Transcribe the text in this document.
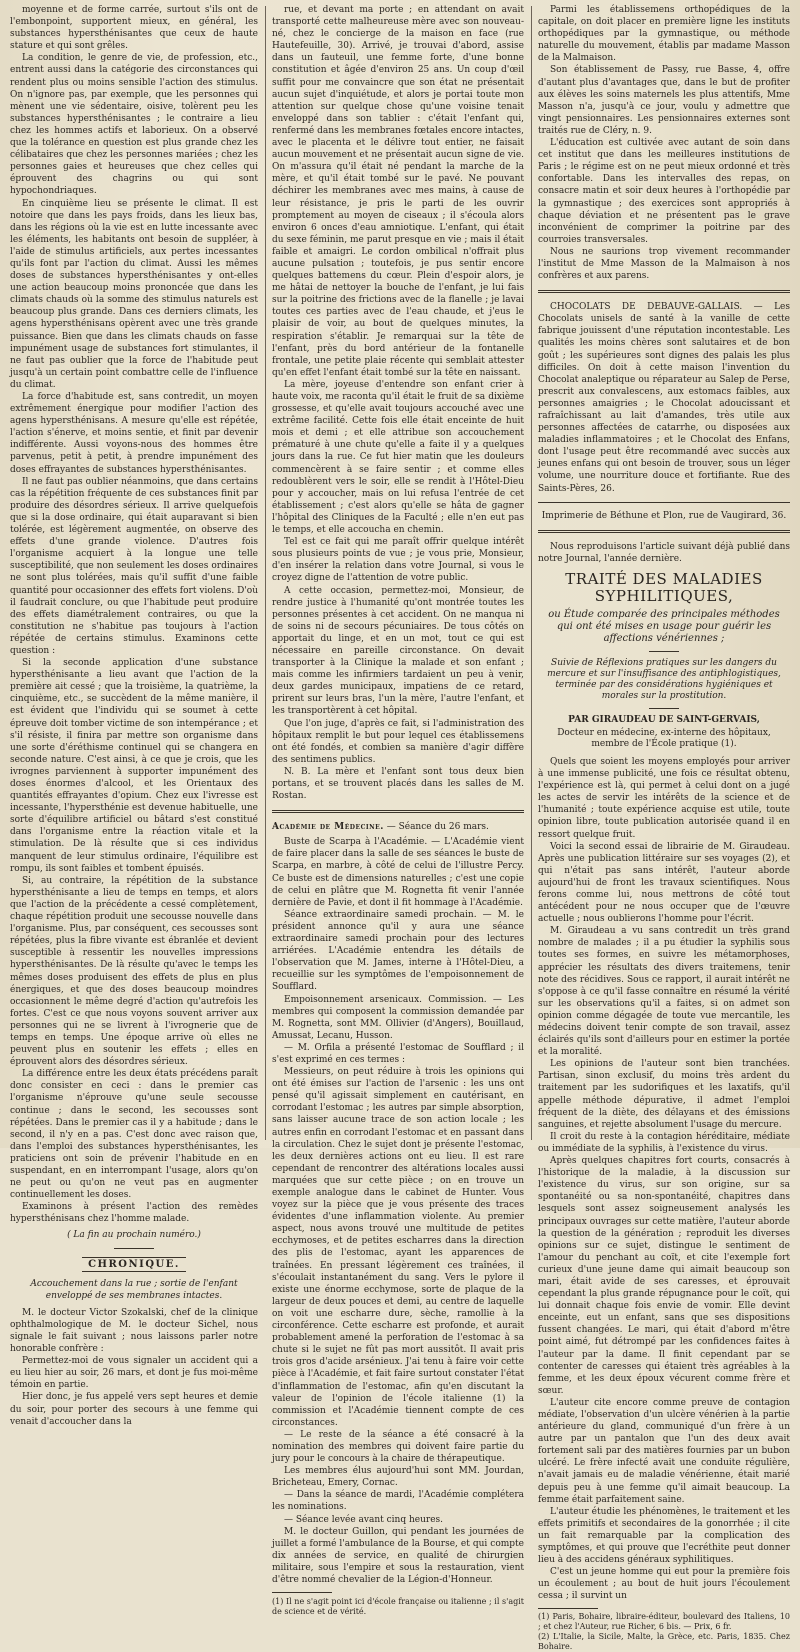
moyenne et de forme carrée, surtout s'ils ont de l'embonpoint, supportent mieux, en général, les substances hypersthénisantes que ceux de haute stature et qui sont grêles.

La condition, le genre de vie, de profession, etc., entrent aussi dans la catégorie des circonstances qui rendent plus ou moins sensible l'action des stimulus. On n'ignore pas, par exemple, que les personnes qui mènent une vie sédentaire, oisive, tolèrent peu les substances hypersthénisantes ; le contraire a lieu chez les hommes actifs et laborieux. On a observé que la tolérance en question est plus grande chez les célibataires que chez les personnes mariées ; chez les personnes gaies et heureuses que chez celles qui éprouvent des chagrins ou qui sont hypochondriaques.

En cinquième lieu se présente le climat. Il est notoire que dans les pays froids, dans les lieux bas, dans les régions où la vie est en lutte incessante avec les éléments, les habitants ont besoin de suppléer, à l'aide de stimulus artificiels, aux pertes incessantes qu'ils font par l'action du climat. Aussi les mêmes doses de substances hypersthénisantes y ont-elles une action beaucoup moins prononcée que dans les climats chauds où la somme des stimulus naturels est beaucoup plus grande. Dans ces derniers climats, les agens hypersthénisans opèrent avec une très grande puissance. Bien que dans les climats chauds on fasse impunément usage de substances fort stimulantes, il ne faut pas oublier que la force de l'habitude peut jusqu'à un certain point combattre celle de l'influence du climat.

La force d'habitude est, sans contredit, un moyen extrêmement énergique pour modifier l'action des agens hypersthénisans. A mesure qu'elle est répétée, l'action s'énerve, et moins sentie, et finit par devenir indifférente. Aussi voyons-nous des hommes être parvenus, petit à petit, à prendre impunément des doses effrayantes de substances hypersthénisantes.

Il ne faut pas oublier néanmoins, que dans certains cas la répétition fréquente de ces substances finit par produire des désordres sérieux. Il arrive quelquefois que si la dose ordinaire, qui était auparavant si bien tolérée, est légèrement augmentée, on observe des effets d'une grande violence. D'autres fois l'organisme acquiert à la longue une telle susceptibilité, que non seulement les doses ordinaires ne sont plus tolérées, mais qu'il suffit d'une faible quantité pour occasionner des effets fort violens. D'où il faudrait conclure, ou que l'habitude peut produire des effets diamétralement contraires, ou que la constitution ne s'habitue pas toujours à l'action répétée de certains stimulus. Examinons cette question :

Si la seconde application d'une substance hypersthénisante a lieu avant que l'action de la première ait cessé ; que la troisième, la quatrième, la cinquième, etc., se succèdent de la même manière, il est évident que l'individu qui se soumet à cette épreuve doit tomber victime de son intempérance ; et s'il résiste, il finira par mettre son organisme dans une sorte d'éréthisme continuel qui se changera en seconde nature. C'est ainsi, à ce que je crois, que les ivrognes parviennent à supporter impunément des doses énormes d'alcool, et les Orientaux des quantités effrayantes d'opium. Chez eux l'ivresse est incessante, l'hypersthénie est devenue habituelle, une sorte d'équilibre artificiel ou bâtard s'est constitué dans l'organisme entre la réaction vitale et la stimulation. De là résulte que si ces individus manquent de leur stimulus ordinaire, l'équilibre est rompu, ils sont faibles et tombent épuisés.

Si, au contraire, la répétition de la substance hypersthénisante a lieu de temps en temps, et alors que l'action de la précédente a cessé complètement, chaque répétition produit une secousse nouvelle dans l'organisme. Plus, par conséquent, ces secousses sont répétées, plus la fibre vivante est ébranlée et devient susceptible à ressentir les nouvelles impressions hypersthénisantes. De là résulte qu'avec le temps les mêmes doses produisent des effets de plus en plus énergiques, et que des doses beaucoup moindres occasionnent le même degré d'action qu'autrefois les fortes. C'est ce que nous voyons souvent arriver aux personnes qui ne se livrent à l'ivrognerie que de temps en temps. Une époque arrive où elles ne peuvent plus en soutenir les effets ; elles en éprouvent alors des désordres sérieux.

La différence entre les deux états précédens paraît donc consister en ceci : dans le premier cas l'organisme n'éprouve qu'une seule secousse continue ; dans le second, les secousses sont répétées. Dans le premier cas il y a habitude ; dans le second, il n'y en a pas. C'est donc avec raison que, dans l'emploi des substances hypersthénisantes, les praticiens ont soin de prévenir l'habitude en en suspendant, en en interrompant l'usage, alors qu'on ne peut ou qu'on ne veut pas en augmenter continuellement les doses.

Examinons à présent l'action des remèdes hypersthénisans chez l'homme malade.

( La fin au prochain numéro.)

CHRONIQUE.

Accouchement dans la rue ; sortie de l'enfant enveloppé de ses membranes intactes.

M. le docteur Victor Szokalski, chef de la clinique ophthalmologique de M. le docteur Sichel, nous signale le fait suivant ; nous laissons parler notre honorable confrère :

Permettez-moi de vous signaler un accident qui a eu lieu hier au soir, 26 mars, et dont je fus moi-même témoin en partie.

Hier donc, je fus appelé vers sept heures et demie du soir, pour porter des secours à une femme qui venait d'accoucher dans la

rue, et devant ma porte ; en attendant on avait transporté cette malheureuse mère avec son nouveau-né, chez le concierge de la maison en face (rue Hautefeuille, 30). Arrivé, je trouvai d'abord, assise dans un fauteuil, une femme forte, d'une bonne constitution et âgée d'environ 25 ans. Un coup d'œil suffit pour me convaincre que son état ne présentait aucun sujet d'inquiétude, et alors je portai toute mon attention sur quelque chose qu'une voisine tenait enveloppé dans son tablier : c'était l'enfant qui, renfermé dans les membranes fœtales encore intactes, avec le placenta et le délivre tout entier, ne faisait aucun mouvement et ne présentait aucun signe de vie. On m'assura qu'il était né pendant la marche de la mère, et qu'il était tombé sur le pavé. Ne pouvant déchirer les membranes avec mes mains, à cause de leur résistance, je pris le parti de les ouvrir promptement au moyen de ciseaux ; il s'écoula alors environ 6 onces d'eau amniotique. L'enfant, qui était du sexe féminin, me parut presque en vie ; mais il était faible et amaigri. Le cordon ombilical n'offrait plus aucune pulsation ; toutefois, je pus sentir encore quelques battemens du cœur. Plein d'espoir alors, je me hâtai de nettoyer la bouche de l'enfant, je lui fais sur la poitrine des frictions avec de la flanelle ; je lavai toutes ces parties avec de l'eau chaude, et j'eus le plaisir de voir, au bout de quelques minutes, la respiration s'établir. Je remarquai sur la tête de l'enfant, près du bord antérieur de la fontanelle frontale, une petite plaie récente qui semblait attester qu'en effet l'enfant était tombé sur la tête en naissant.

La mère, joyeuse d'entendre son enfant crier à haute voix, me raconta qu'il était le fruit de sa dixième grossesse, et qu'elle avait toujours accouché avec une extrême facilité. Cette fois elle était enceinte de huit mois et demi ; et elle attribue son accouchement prématuré à une chute qu'elle a faite il y a quelques jours dans la rue. Ce fut hier matin que les douleurs commencèrent à se faire sentir ; et comme elles redoublèrent vers le soir, elle se rendit à l'Hôtel-Dieu pour y accoucher, mais on lui refusa l'entrée de cet établissement ; c'est alors qu'elle se hâta de gagner l'hôpital des Cliniques de la Faculté ; elle n'en eut pas le temps, et elle accoucha en chemin.

Tel est ce fait qui me paraît offrir quelque intérêt sous plusieurs points de vue ; je vous prie, Monsieur, d'en insérer la relation dans votre Journal, si vous le croyez digne de l'attention de votre public.

A cette occasion, permettez-moi, Monsieur, de rendre justice à l'humanité qu'ont montrée toutes les personnes présentes à cet accident. On ne manqua ni de soins ni de secours pécuniaires. De tous côtés on apportait du linge, et en un mot, tout ce qui est nécessaire en pareille circonstance. On devait transporter à la Clinique la malade et son enfant ; mais comme les infirmiers tardaient un peu à venir, deux gardes municipaux, impatiens de ce retard, prirent sur leurs bras, l'un la mère, l'autre l'enfant, et les transportèrent à cet hôpital.

Que l'on juge, d'après ce fait, si l'administration des hôpitaux remplit le but pour lequel ces établissemens ont été fondés, et combien sa manière d'agir diffère des sentimens publics.

N. B. La mère et l'enfant sont tous deux bien portans, et se trouvent placés dans les salles de M. Rostan.

Académie de Médecine. — Séance du 26 mars.

Buste de Scarpa à l'Académie. — L'Académie vient de faire placer dans la salle de ses séances le buste de Scarpa, en marbre, à côté de celui de l'illustre Percy. Ce buste est de dimensions naturelles ; c'est une copie de celui en plâtre que M. Rognetta fit venir l'année dernière de Pavie, et dont il fit hommage à l'Académie.

Séance extraordinaire samedi prochain. — M. le président annonce qu'il y aura une séance extraordinaire samedi prochain pour des lectures arriérées. L'Académie entendra les détails de l'observation que M. James, interne à l'Hôtel-Dieu, a recueillie sur les symptômes de l'empoisonnement de Soufflard.

Empoisonnement arsenicaux. Commission. — Les membres qui composent la commission demandée par M. Rognetta, sont MM. Ollivier (d'Angers), Bouillaud, Amussat, Lecanu, Husson.

— M. Orfila a présenté l'estomac de Soufflard ; il s'est exprimé en ces termes :

Messieurs, on peut réduire à trois les opinions qui ont été émises sur l'action de l'arsenic : les uns ont pensé qu'il agissait simplement en cautérisant, en corrodant l'estomac ; les autres par simple absorption, sans laisser aucune trace de son action locale ; les autres enfin en corrodant l'estomac et en passant dans la circulation. Chez le sujet dont je présente l'estomac, les deux dernières actions ont eu lieu. Il est rare cependant de rencontrer des altérations locales aussi marquées que sur cette pièce ; on en trouve un exemple analogue dans le cabinet de Hunter. Vous voyez sur la pièce que je vous présente des traces évidentes d'une inflammation violente. Au premier aspect, nous avons trouvé une multitude de petites ecchymoses, et de petites escharres dans la direction des plis de l'estomac, ayant les apparences de traînées. En pressant légèrement ces traînées, il s'écoulait instantanément du sang. Vers le pylore il existe une énorme ecchymose, sorte de plaque de la largeur de deux pouces et demi, au centre de laquelle on voit une escharre dure, sèche, ramollie à la circonférence. Cette escharre est profonde, et aurait probablement amené la perforation de l'estomac à sa chute si le sujet ne fût pas mort aussitôt. Il avait pris trois gros d'acide arsénieux. J'ai tenu à faire voir cette pièce à l'Académie, et fait faire surtout constater l'état d'inflammation de l'estomac, afin qu'en discutant la valeur de l'opinion de l'école italienne (1) la commission et l'Académie tiennent compte de ces circonstances.

— Le reste de la séance a été consacré à la nomination des membres qui doivent faire partie du jury pour le concours à la chaire de thérapeutique.

Les membres élus aujourd'hui sont MM. Jourdan, Bricheteau, Emery, Cornac.

— Dans la séance de mardi, l'Académie complétera les nominations.

— Séance levée avant cinq heures.

M. le docteur Guillon, qui pendant les journées de juillet a formé l'ambulance de la Bourse, et qui compte dix années de service, en qualité de chirurgien militaire, sous l'empire et sous la restauration, vient d'être nommé chevalier de la Légion-d'Honneur.

(1) Il ne s'agit point ici d'école française ou italienne ; il s'agit de science et de vérité.

Parmi les établissemens orthopédiques de la capitale, on doit placer en première ligne les instituts orthopédiques par la gymnastique, ou méthode naturelle du mouvement, établis par madame Masson de la Malmaison.

Son établissement de Passy, rue Basse, 4, offre d'autant plus d'avantages que, dans le but de profiter aux élèves les soins maternels les plus attentifs, Mme Masson n'a, jusqu'à ce jour, voulu y admettre que vingt pensionnaires. Les pensionnaires externes sont traités rue de Cléry, n. 9.

L'éducation est cultivée avec autant de soin dans cet institut que dans les meilleures institutions de Paris ; le régime est on ne peut mieux ordonné et très confortable. Dans les intervalles des repas, on consacre matin et soir deux heures à l'orthopédie par la gymnastique ; des exercices sont appropriés à chaque déviation et ne présentent pas le grave inconvénient de comprimer la poitrine par des courroies transversales.

Nous ne saurions trop vivement recommander l'institut de Mme Masson de la Malmaison à nos confrères et aux parens.

CHOCOLATS DE DEBAUVE-GALLAIS. — Les Chocolats unisels de santé à la vanille de cette fabrique jouissent d'une réputation incontestable. Les qualités les moins chères sont salutaires et de bon goût ; les supérieures sont dignes des palais les plus difficiles. On doit à cette maison l'invention du Chocolat analeptique ou réparateur au Salep de Perse, prescrit aux convalescens, aux estomacs faibles, aux personnes amaigries ; le Chocolat adoucissant et rafraîchissant au lait d'amandes, très utile aux personnes affectées de catarrhe, ou disposées aux maladies inflammatoires ; et le Chocolat des Enfans, dont l'usage peut être recommandé avec succès aux jeunes enfans qui ont besoin de trouver, sous un léger volume, une nourriture douce et fortifiante. Rue des Saints-Pères, 26.

Imprimerie de Béthune et Plon, rue de Vaugirard, 36.

Nous reproduisons l'article suivant déjà publié dans notre Journal, l'année dernière.

TRAITÉ DES MALADIES SYPHILITIQUES,

ou Étude comparée des principales méthodes qui ont été mises en usage pour guérir les affections vénériennes ;

Suivie de Réflexions pratiques sur les dangers du mercure et sur l'insuffisance des antiphlogistiques, terminée par des considérations hygiéniques et morales sur la prostitution.

PAR GIRAUDEAU DE SAINT-GERVAIS,
Docteur en médecine, ex-interne des hôpitaux, membre de l'École pratique (1).

Quels que soient les moyens employés pour arriver à une immense publicité, une fois ce résultat obtenu, l'expérience est là, qui permet à celui dont on a jugé les actes de servir les intérêts de la science et de l'humanité ; toute expérience acquise est utile, toute opinion libre, toute publication autorisée quand il en ressort quelque fruit.

Voici la second essai de librairie de M. Giraudeau. Après une publication littéraire sur ses voyages (2), et qui n'était pas sans intérêt, l'auteur aborde aujourd'hui de front les travaux scientifiques. Nous ferons comme lui, nous mettrons de côté tout antécédent pour ne nous occuper que de l'œuvre actuelle ; nous oublierons l'homme pour l'écrit.

M. Giraudeau a vu sans contredit un très grand nombre de malades ; il a pu étudier la syphilis sous toutes ses formes, en suivre les métamorphoses, apprécier les résultats des divers traitemens, tenir note des récidives. Sous ce rapport, il aurait intérêt ne s'oppose à ce qu'il fasse connaître en résumé la vérité sur les observations qu'il a faites, si on admet son opinion comme dégagée de toute vue mercantile, les médecins doivent tenir compte de son travail, assez éclairés qu'ils sont d'ailleurs pour en estimer la portée et la moralité.

Les opinions de l'auteur sont bien tranchées. Partisan, sinon exclusif, du moins très ardent du traitement par les sudorifiques et les laxatifs, qu'il appelle méthode dépurative, il admet l'emploi fréquent de la diète, des délayans et des émissions sanguines, et rejette absolument l'usage du mercure.

Il croit du reste à la contagion héréditaire, médiate ou immédiate de la syphilis, à l'existence du virus.

Après quelques chapitres fort courts, consacrés à l'historique de la maladie, à la discussion sur l'existence du virus, sur son origine, sur sa spontanéité ou sa non-spontanéité, chapitres dans lesquels sont assez soigneusement analysés les principaux ouvrages sur cette matière, l'auteur aborde la question de la génération ; reproduit les diverses opinions sur ce sujet, distingue le sentiment de l'amour du penchant au coït, et cite l'exemple fort curieux d'une jeune dame qui aimait beaucoup son mari, était avide de ses caresses, et éprouvait cependant la plus grande répugnance pour le coït, qui lui donnait chaque fois envie de vomir. Elle devint enceinte, eut un enfant, sans que ses dispositions fussent changées. Le mari, qui était d'abord m'être point aimé, fut détrompé par les confidences faites à l'auteur par la dame. Il finit cependant par se contenter de caresses qui étaient très agréables à la femme, et les deux époux vécurent comme frère et sœur.

L'auteur cite encore comme preuve de contagion médiate, l'observation d'un ulcère vénérien à la partie antérieure du gland, communiqué d'un frère à un autre par un pantalon que l'un des deux avait fortement sali par des matières fournies par un bubon ulcéré. Le frère infecté avait une conduite régulière, n'avait jamais eu de maladie vénérienne, était marié depuis peu à une femme qu'il aimait beaucoup. La femme était parfaitement saine.

L'auteur étudie les phénomènes, le traitement et les effets primitifs et secondaires de la gonorrhée ; il cite un fait remarquable par la complication des symptômes, et qui prouve que l'ecréthite peut donner lieu à des accidens généraux syphilitiques.

C'est un jeune homme qui eut pour la première fois un écoulement ; au bout de huit jours l'écoulement cessa ; il survint un

(1) Paris, Bohaire, libraire-éditeur, boulevard des Italiens, 10 ; et chez l'Auteur, rue Richer, 6 bis. — Prix, 6 fr.

(2) L'Italie, la Sicile, Malte, la Grèce, etc. Paris, 1835. Chez Bohaire.
